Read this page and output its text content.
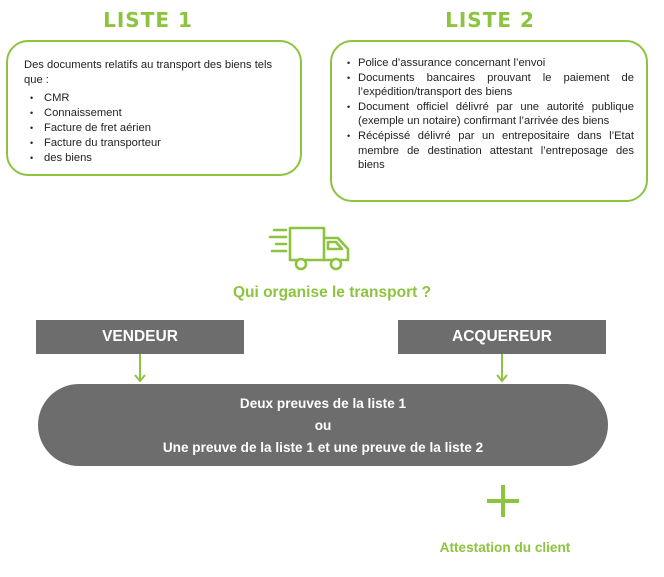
LISTE 1	LISTE 2

Des documents relatifs au transport des biens tels que :

• CMR
• Connaissement
• Facture de fret aérien
• Facture du transporteur
• des biens
• Police d’assurance concernant l’envoi
• Documents bancaires prouvant le paiement de l’expédition/transport des biens
• Document officiel délivré par une autorité publique (exemple un notaire) confirmant l’arrivée des biens
• Récépissé délivré par un entrepositaire dans l’Etat membre de destination attestant l’entreposage des biens
Qui organise le transport ?
VENDEUR	ACQUEREUR
Deux preuves de la liste 1
ou
Une preuve de la liste 1 et une preuve de la liste 2
Attestation du client
